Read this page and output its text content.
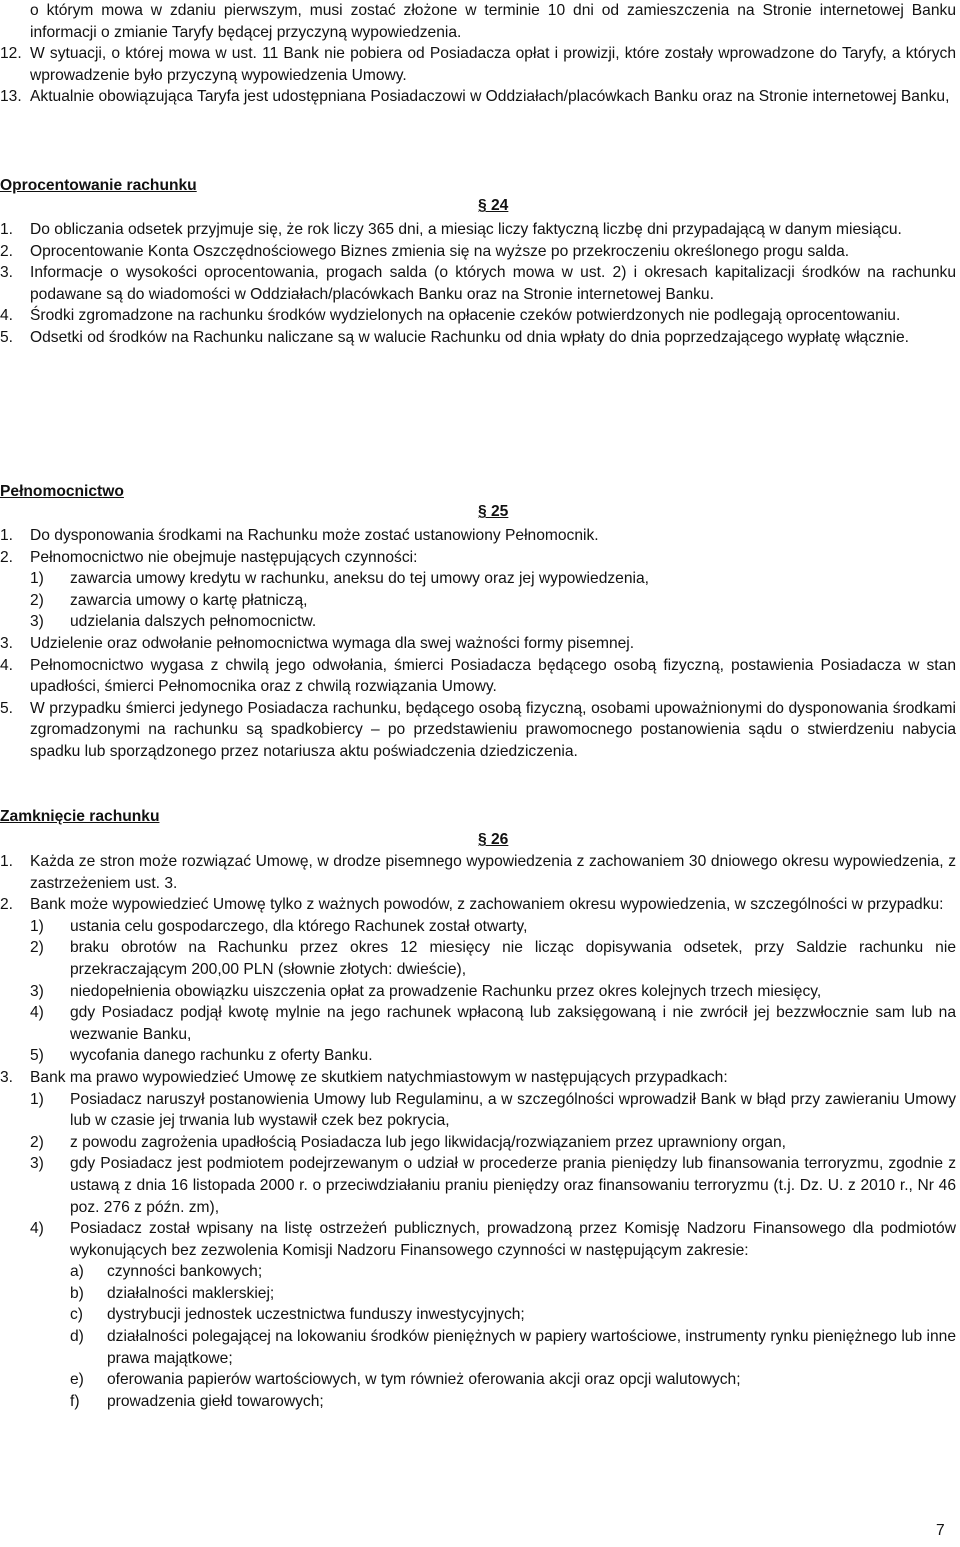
o którym mowa w zdaniu pierwszym, musi zostać złożone w terminie 10 dni od zamieszczenia na Stronie internetowej Banku informacji o zmianie Taryfy będącej przyczyną wypowiedzenia.
12. W sytuacji, o której mowa w ust. 11 Bank nie pobiera od Posiadacza opłat i prowizji, które zostały wprowadzone do Taryfy, a których wprowadzenie było przyczyną wypowiedzenia Umowy.
13. Aktualnie obowiązująca Taryfa jest udostępniana Posiadaczowi w Oddziałach/placówkach Banku oraz na Stronie internetowej Banku,
Oprocentowanie rachunku
§ 24
1.	Do obliczania odsetek przyjmuje się, że rok liczy 365 dni, a miesiąc liczy faktyczną liczbę dni przypadającą w danym miesiącu.
2.	Oprocentowanie Konta Oszczędnościowego Biznes zmienia się na wyższe po przekroczeniu określonego progu salda.
3.	Informacje o wysokości oprocentowania, progach salda (o których mowa w ust. 2) i okresach kapitalizacji środków na rachunku podawane są do wiadomości w Oddziałach/placówkach Banku oraz na Stronie internetowej Banku.
4.	Środki zgromadzone na rachunku środków wydzielonych na opłacenie czeków potwierdzonych nie podlegają oprocentowaniu.
5.	Odsetki od środków na Rachunku naliczane są w walucie Rachunku od dnia wpłaty do dnia poprzedzającego wypłatę włącznie.
Pełnomocnictwo
§ 25
1.	Do dysponowania środkami na Rachunku może zostać ustanowiony Pełnomocnik.
2.	Pełnomocnictwo nie obejmuje następujących czynności:
1)	zawarcia umowy kredytu w rachunku, aneksu do tej umowy oraz jej wypowiedzenia,
2)	zawarcia umowy o kartę płatniczą,
3)	udzielania dalszych pełnomocnictw.
3.	Udzielenie oraz odwołanie pełnomocnictwa wymaga dla swej ważności formy pisemnej.
4.	Pełnomocnictwo wygasa z chwilą jego odwołania, śmierci Posiadacza będącego osobą fizyczną, postawienia Posiadacza w stan upadłości, śmierci Pełnomocnika oraz z chwilą rozwiązania Umowy.
5.	W przypadku śmierci jedynego Posiadacza rachunku, będącego osobą fizyczną, osobami upoważnionymi do dysponowania środkami zgromadzonymi na rachunku są spadkobiercy – po przedstawieniu prawomocnego postanowienia sądu o stwierdzeniu nabycia spadku lub sporządzonego przez notariusza aktu poświadczenia dziedziczenia.
Zamknięcie rachunku
§ 26
1.	Każda ze stron może rozwiązać Umowę, w drodze pisemnego wypowiedzenia z zachowaniem 30 dniowego okresu wypowiedzenia, z zastrzeżeniem ust. 3.
2.	Bank może wypowiedzieć Umowę tylko z ważnych powodów, z zachowaniem okresu wypowiedzenia, w szczególności w przypadku:
1)	ustania celu gospodarczego, dla którego Rachunek został otwarty,
2)	braku obrotów na Rachunku przez okres 12 miesięcy nie licząc dopisywania odsetek, przy Saldzie rachunku nie przekraczającym 200,00 PLN (słownie złotych: dwieście),
3)	niedopełnienia obowiązku uiszczenia opłat za prowadzenie Rachunku przez okres kolejnych trzech miesięcy,
4)	gdy Posiadacz podjął kwotę mylnie na jego rachunek wpłaconą lub zaksięgowaną i nie zwrócił jej bezzwłocznie sam lub na wezwanie Banku,
5)	wycofania danego rachunku z oferty Banku.
3.	Bank ma prawo wypowiedzieć Umowę ze skutkiem natychmiastowym w następujących przypadkach:
1)	Posiadacz naruszył postanowienia Umowy lub Regulaminu, a w szczególności wprowadził Bank w błąd przy zawieraniu Umowy lub w czasie jej trwania lub wystawił czek bez pokrycia,
2)	z powodu zagrożenia upadłością Posiadacza lub jego likwidacją/rozwiązaniem przez uprawniony organ,
3)	gdy Posiadacz jest podmiotem podejrzewanym o udział w procederze prania pieniędzy lub finansowania terroryzmu, zgodnie z ustawą z dnia 16 listopada 2000 r. o przeciwdziałaniu praniu pieniędzy oraz finansowaniu terroryzmu (t.j. Dz. U. z 2010 r., Nr 46 poz. 276 z późn. zm),
4)	Posiadacz został wpisany na listę ostrzeżeń publicznych, prowadzoną przez Komisję Nadzoru Finansowego dla podmiotów wykonujących bez zezwolenia Komisji Nadzoru Finansowego czynności w następującym zakresie:
a)	czynności bankowych;
b)	działalności maklerskiej;
c)	dystrybucji jednostek uczestnictwa funduszy inwestycyjnych;
d)	działalności polegającej na lokowaniu środków pieniężnych w papiery wartościowe, instrumenty rynku pieniężnego lub inne prawa majątkowe;
e)	oferowania papierów wartościowych, w tym również oferowania akcji oraz opcji walutowych;
f)	prowadzenia giełd towarowych;
7
